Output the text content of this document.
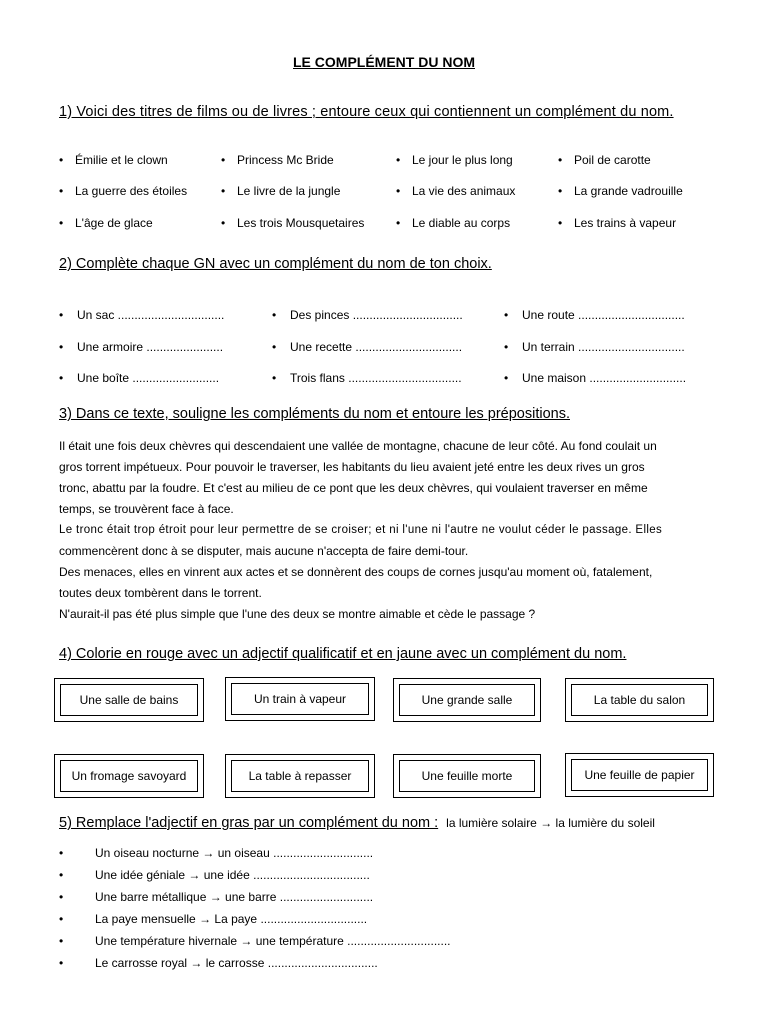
LE COMPLÉMENT DU NOM
1) Voici des titres de films ou de livres ; entoure ceux qui contiennent un complément du nom.
• Émilie et le clown
• La guerre des étoiles
• L'âge de glace
• Princess Mc Bride
• Le livre de la jungle
• Les trois Mousquetaires
• Le jour le plus long
• La vie des animaux
• Le diable au corps
• Poil de carotte
• La grande vadrouille
• Les trains à vapeur
2) Complète chaque GN avec un complément du nom de ton choix.
• Un sac ................................
• Une armoire .......................
• Une boîte ..........................
• Des pinces .................................
• Une recette ................................
• Trois flans ..................................
• Une route ................................
• Un terrain ................................
• Une maison .............................
3) Dans ce texte, souligne les compléments du nom et entoure les prépositions.

Il était une fois deux chèvres qui descendaient une vallée de montagne, chacune de leur côté. Au fond coulait un

gros torrent impétueux. Pour pouvoir le traverser, les habitants du lieu avaient jeté entre les deux rives un gros

tronc, abattu par la foudre. Et c'est au milieu de ce pont que les deux chèvres, qui voulaient traverser en même

temps, se trouvèrent face à face.

Le tronc était trop étroit pour leur permettre de se croiser; et ni l'une ni l'autre ne voulut céder le passage. Elles

commencèrent donc à se disputer, mais aucune n'accepta de faire demi-tour.

Des menaces, elles en vinrent aux actes et se donnèrent des coups de cornes jusqu'au moment où, fatalement,

toutes deux tombèrent dans le torrent.

N'aurait-il pas été plus simple que l'une des deux se montre aimable et cède le passage ?

4) Colorie en rouge avec un adjectif qualificatif et en jaune avec un complément du nom.
Une salle de bains	Un train à vapeur	Une grande salle	La table du salon
Un fromage savoyard	La table à repasser	Une feuille morte	Une feuille de papier
5) Remplace l'adjectif en gras par un complément du nom : la lumière solaire → la lumière du soleil
•	Un oiseau nocturne → un oiseau ..............................
•	Une idée géniale → une idée ...................................
•	Une barre métallique → une barre ............................
•	La paye mensuelle → La paye ................................
•	Une température hivernale → une température ...............................
•	Le carrosse royal → le carrosse .................................
